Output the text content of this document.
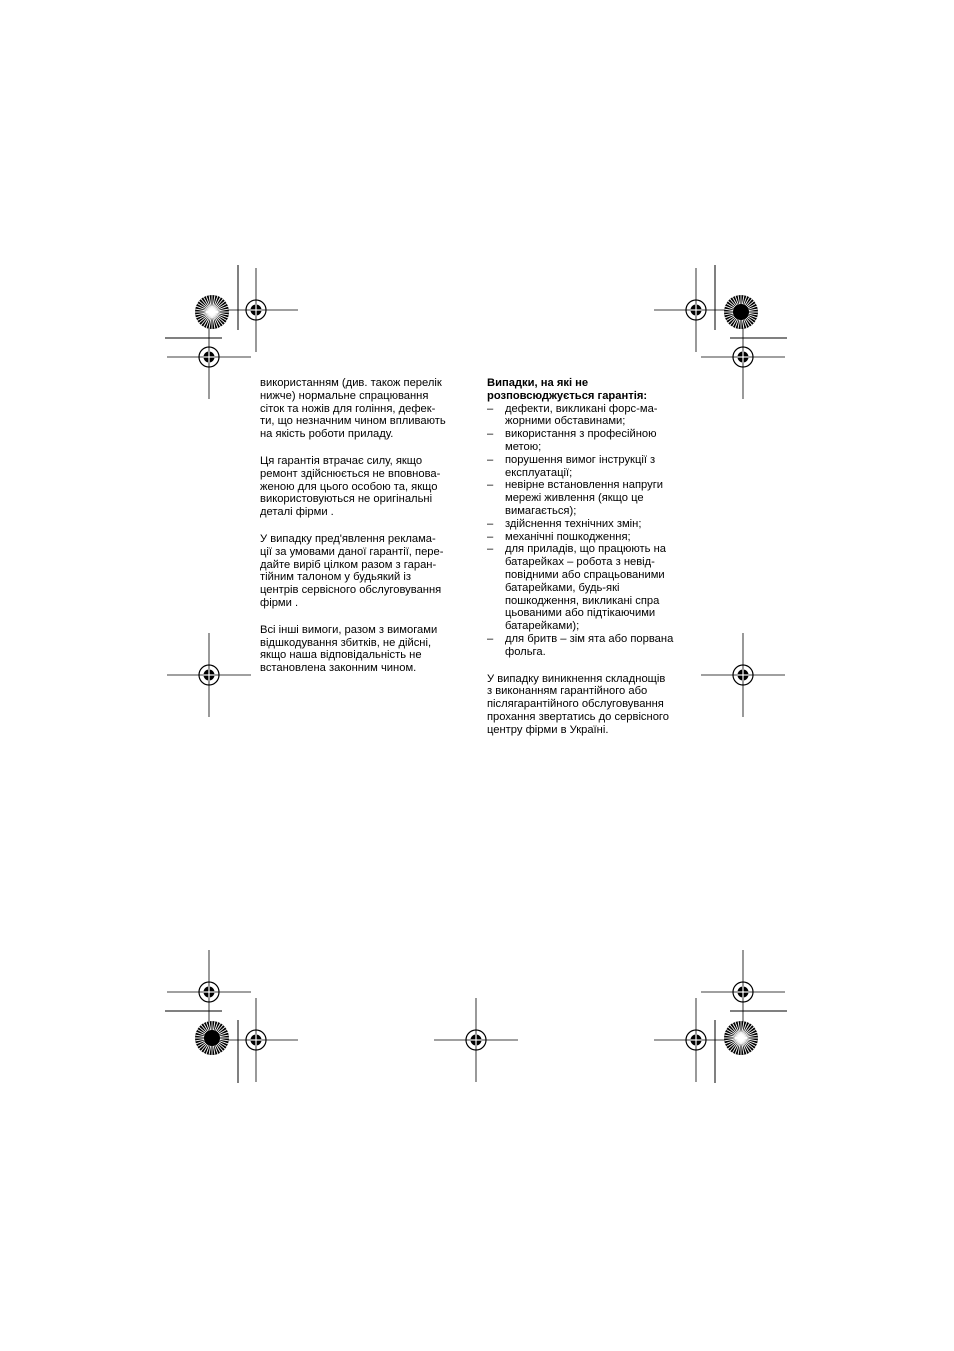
використанням (див. також перелік
нижче) нормальне спрацювання
сіток та ножів для гоління, дефек-
ти, що незначним чином впливають
на якість роботи приладу.

Ця гарантія втрачає силу, якщо
ремонт здійснюється не вповнова-
женою для цього особою та, якщо
використовуються не оригінальні
деталі фірми .

У випадку пред'явлення реклама-
ції за умовами даної гарантії, пере-
дайте виріб цілком разом з гаран-
тійним талоном у будьякий із
центрів сервісного обслуговування
фірми .

Всі інші вимоги, разом з вимогами
відшкодування збитків, не дійсні,
якщо наша відповідальність не
встановлена законним чином.

Випадки, на які не
розповсюджується гарантія:

– дефекти, викликані форс-ма-
жорними обставинами;
– використання з професійною
метою;
– порушення вимог інструкції з
експлуатації;
– невірне встановлення напруги
мережі живлення (якщо це
вимагається);
– здійснення технічних змін;
– механічні пошкодження;
– для приладів, що працюють на
батарейках – робота з невід-
повідними або спрацьованими
батарейками, будь-які
пошкодження, викликані спра
цьованими або підтікаючими
батарейками);
– для бритв – зім ята або порвана
фольга.

У випадку виникнення складнощів
з виконанням гарантійного або
післягарантійного обслуговування
прохання звертатись до сервісного
центру фірми в Україні.
